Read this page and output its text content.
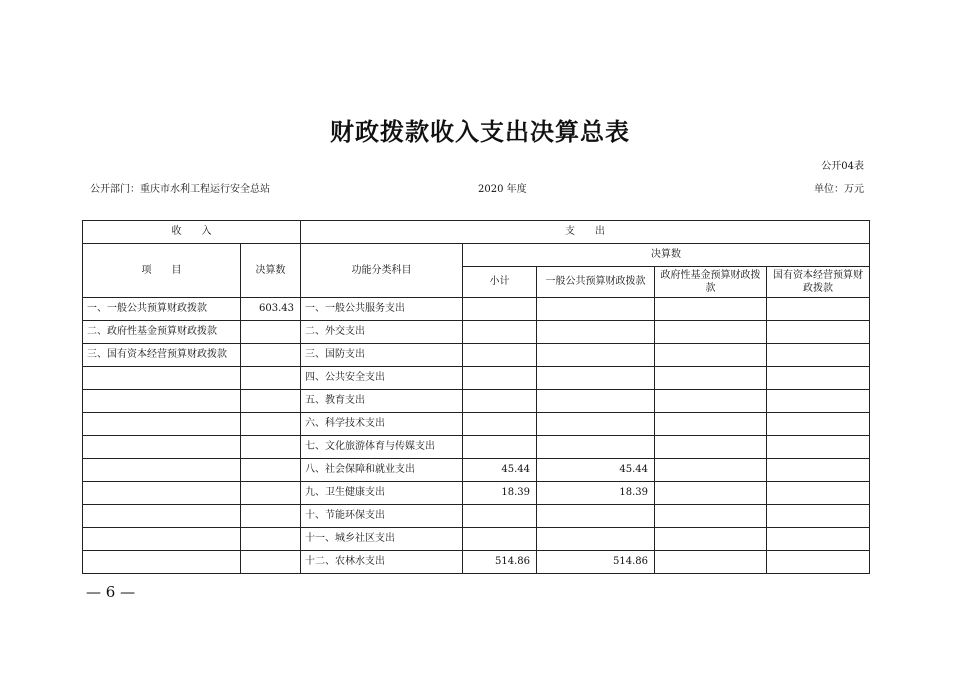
财政拨款收入支出决算总表
公开04表
公开部门：重庆市水利工程运行安全总站	2020 年度	单位：万元
收　　入		支　　出				
项　　目	决算数	功能分类科目	决算数			
			小计	一般公共预算财政拨款	政府性基金预算财政拨款	国有资本经营预算财政拨款
一、一般公共预算财政拨款	603.43	一、一般公共服务支出				
二、政府性基金预算财政拨款		二、外交支出				
三、国有资本经营预算财政拨款		三、国防支出				
		四、公共安全支出				
		五、教育支出				
		六、科学技术支出				
		七、文化旅游体育与传媒支出				
		八、社会保障和就业支出	45.44	45.44		
		九、卫生健康支出	18.39	18.39		
		十、节能环保支出				
		十一、城乡社区支出				
		十二、农林水支出	514.86	514.86		
— 6 —
